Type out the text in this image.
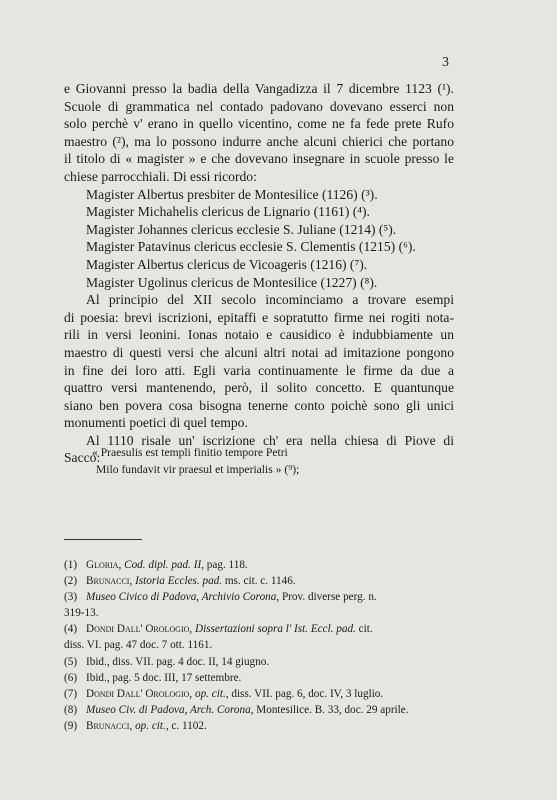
3
e Giovanni presso la badia della Vangadizza il 7 dicembre 1123 (¹).
Scuole di grammatica nel contado padovano dovevano esserci non
solo perchè v' erano in quello vicentino, come ne fa fede prete Rufo
maestro (²), ma lo possono indurre anche alcuni chierici che portano
il titolo di « magister » e che dovevano insegnare in scuole presso le
chiese parrocchiali. Di essi ricordo:
Magister Albertus presbiter de Montesilice (1126) (³).
Magister Michahelis clericus de Lignario (1161) (⁴).
Magister Johannes clericus ecclesie S. Juliane (1214) (⁵).
Magister Patavinus clericus ecclesie S. Clementis (1215) (⁶).
Magister Albertus clericus de Vicoageris (1216) (⁷).
Magister Ugolinus clericus de Montesilice (1227) (⁸).
Al principio del XII secolo incominciamo a trovare esempi
di poesia: brevi iscrizioni, epitaffi e sopratutto firme nei rogiti nota-
rili in versi leonini. Ionas notaio e causidico è indubbiamente un
maestro di questi versi che alcuni altri notai ad imitazione pongono
in fine dei loro atti. Egli varia continuamente le firme da due a
quattro versi mantenendo, però, il solito concetto. E quantunque
siano ben povera cosa bisogna tenerne conto poichè sono gli unici
monumenti poetici di quel tempo.
Al 1110 risale un' iscrizione ch' era nella chiesa di Piove di
Sacco:
« Praesulis est templi finitio tempore Petri
Milo fundavit vir praesul et imperialis » (⁹);
(1) Gloria, Cod. dipl. pad. II, pag. 118.
(2) Brunacci, Istoria Eccles. pad. ms. cit. c. 1146.
(3) Museo Civico di Padova, Archivio Corona, Prov. diverse perg. n.
319-13.
(4) Dondi Dall' Orologio, Dissertazioni sopra l' Ist. Eccl. pad. cit.
diss. VI. pag. 47 doc. 7 ott. 1161.
(5) Ibid., diss. VII. pag. 4 doc. II, 14 giugno.
(6) Ibid., pag. 5 doc. III, 17 settembre.
(7) Dondi Dall' Orologio, op. cit., diss. VII. pag. 6, doc. IV, 3 luglio.
(8) Museo Civ. di Padova, Arch. Corona, Montesilice. B. 33, doc. 29 aprile.
(9) Brunacci, op. cit., c. 1102.
